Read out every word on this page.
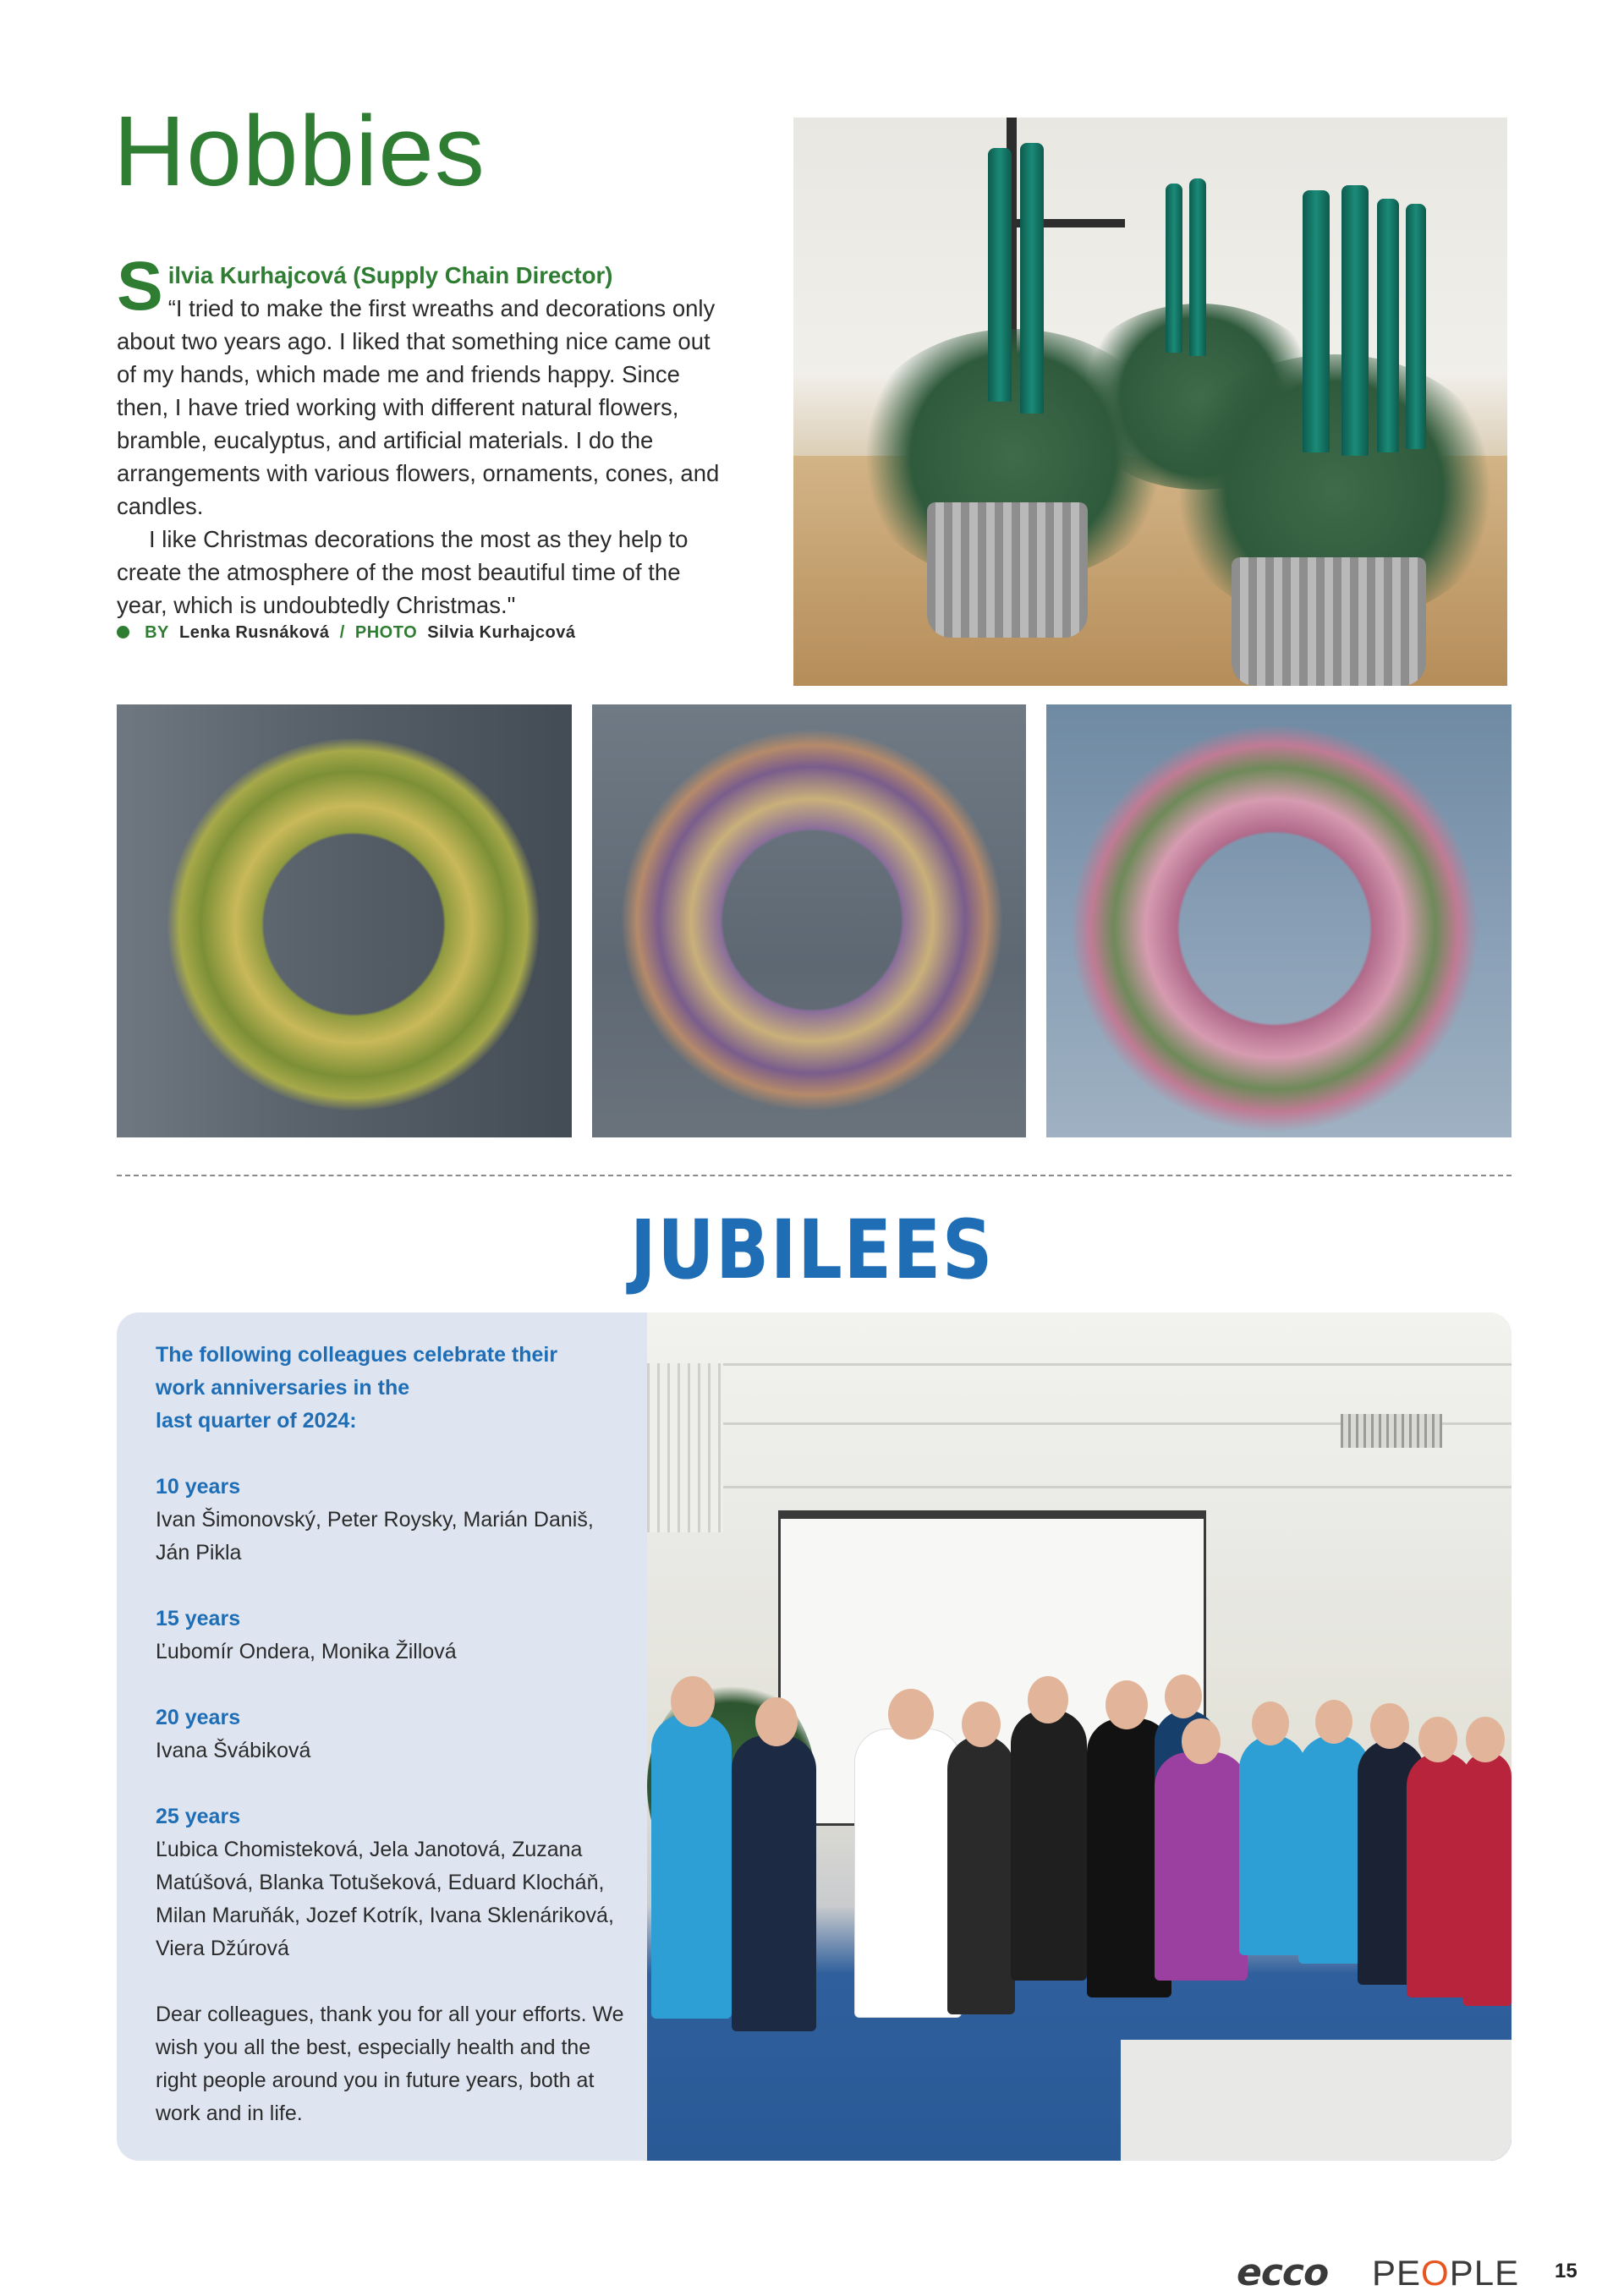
Hobbies
S ilvia Kurhajcová (Supply Chain Director)
“I tried to make the first wreaths and decorations only about two years ago. I liked that something nice came out of my hands, which made me and friends happy. Since then, I have tried working with different natural flowers, bramble, eucalyptus, and artificial materials. I do the arrangements with various flowers, ornaments, cones, and candles.

I like Christmas decorations the most as they help to create the atmosphere of the most beautiful time of the year, which is undoubtedly Christmas."

BY Lenka Rusnáková / PHOTO Silvia Kurhajcová
JUBILEES

The following colleagues celebrate their
work anniversaries in the
last quarter of 2024:

10 years

Ivan Šimonovský, Peter Roysky, Marián Daniš, Ján Pikla

15 years

Ľubomír Ondera, Monika Žillová

20 years

Ivana Švábiková

25 years

Ľubica Chomisteková, Jela Janotová, Zuzana Matúšová, Blanka Totušeková, Eduard Klocháň, Milan Maruňák, Jozef Kotrík, Ivana Sklenáriková, Viera Džúrová

Dear colleagues, thank you for all your efforts. We wish you all the best, especially health and the right people around you in future years, both at work and in life.

ecco PEOPLE 15
